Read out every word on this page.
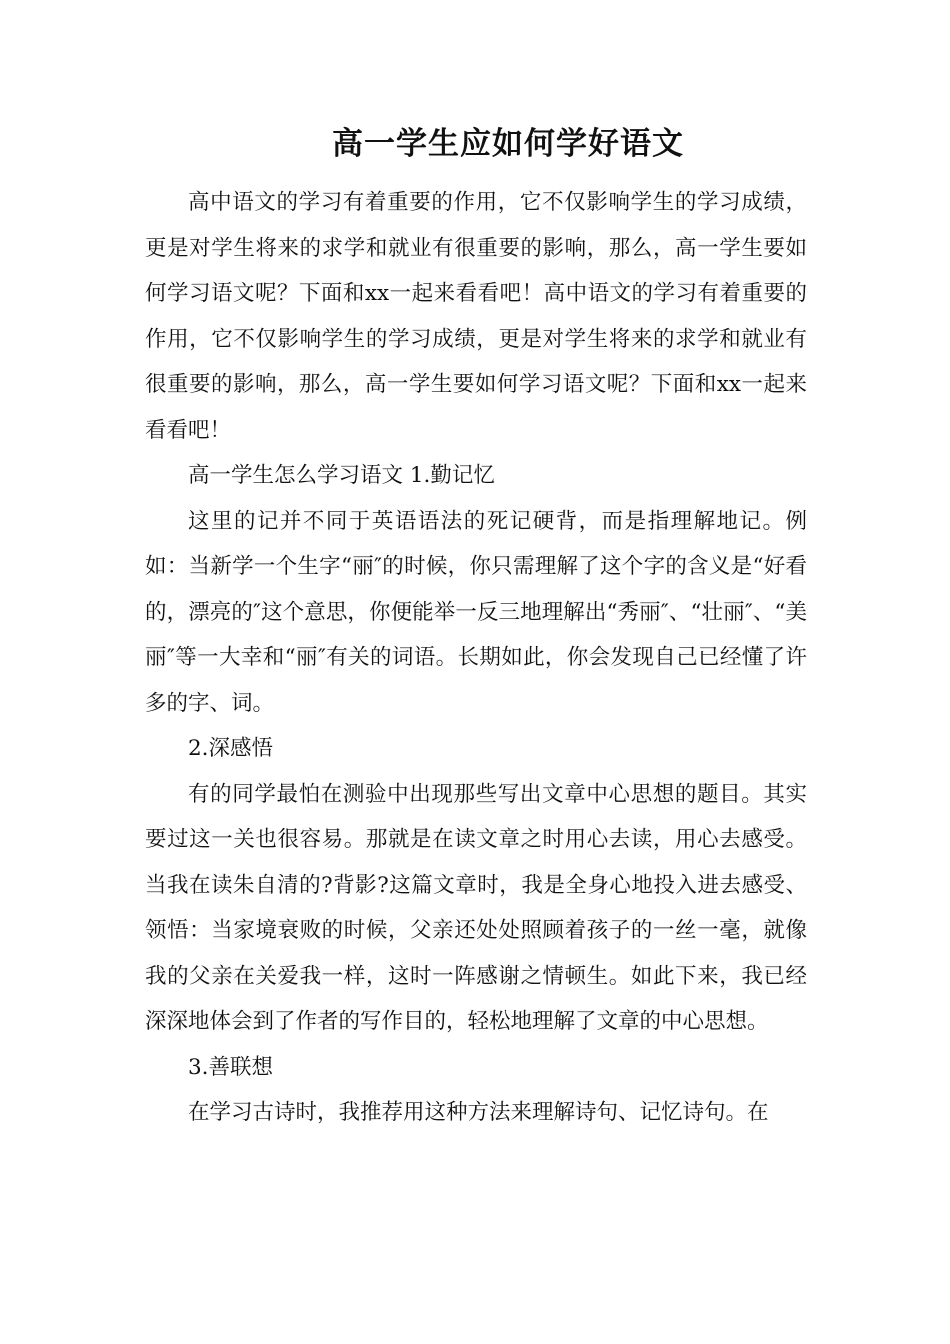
高一学生应如何学好语文

高中语文的学习有着重要的作用，它不仅影响学生的学习成绩，更是对学生将来的求学和就业有很重要的影响，那么，高一学生要如何学习语文呢？下面和xx一起来看看吧！高中语文的学习有着重要的作用，它不仅影响学生的学习成绩，更是对学生将来的求学和就业有很重要的影响，那么，高一学生要如何学习语文呢？下面和xx一起来看看吧！

高一学生怎么学习语文 1.勤记忆

这里的记并不同于英语语法的死记硬背，而是指理解地记。例如：当新学一个生字“丽″的时候，你只需理解了这个字的含义是“好看的，漂亮的″这个意思，你便能举一反三地理解出“秀丽″、“壮丽″、“美丽″等一大幸和“丽″有关的词语。长期如此，你会发现自己已经懂了许多的字、词。

2.深感悟

有的同学最怕在测验中出现那些写出文章中心思想的题目。其实要过这一关也很容易。那就是在读文章之时用心去读，用心去感受。当我在读朱自清的?背影?这篇文章时，我是全身心地投入进去感受、领悟：当家境衰败的时候，父亲还处处照顾着孩子的一丝一毫，就像我的父亲在关爱我一样，这时一阵感谢之情顿生。如此下来，我已经深深地体会到了作者的写作目的，轻松地理解了文章的中心思想。

3.善联想

在学习古诗时，我推荐用这种方法来理解诗句、记忆诗句。在
